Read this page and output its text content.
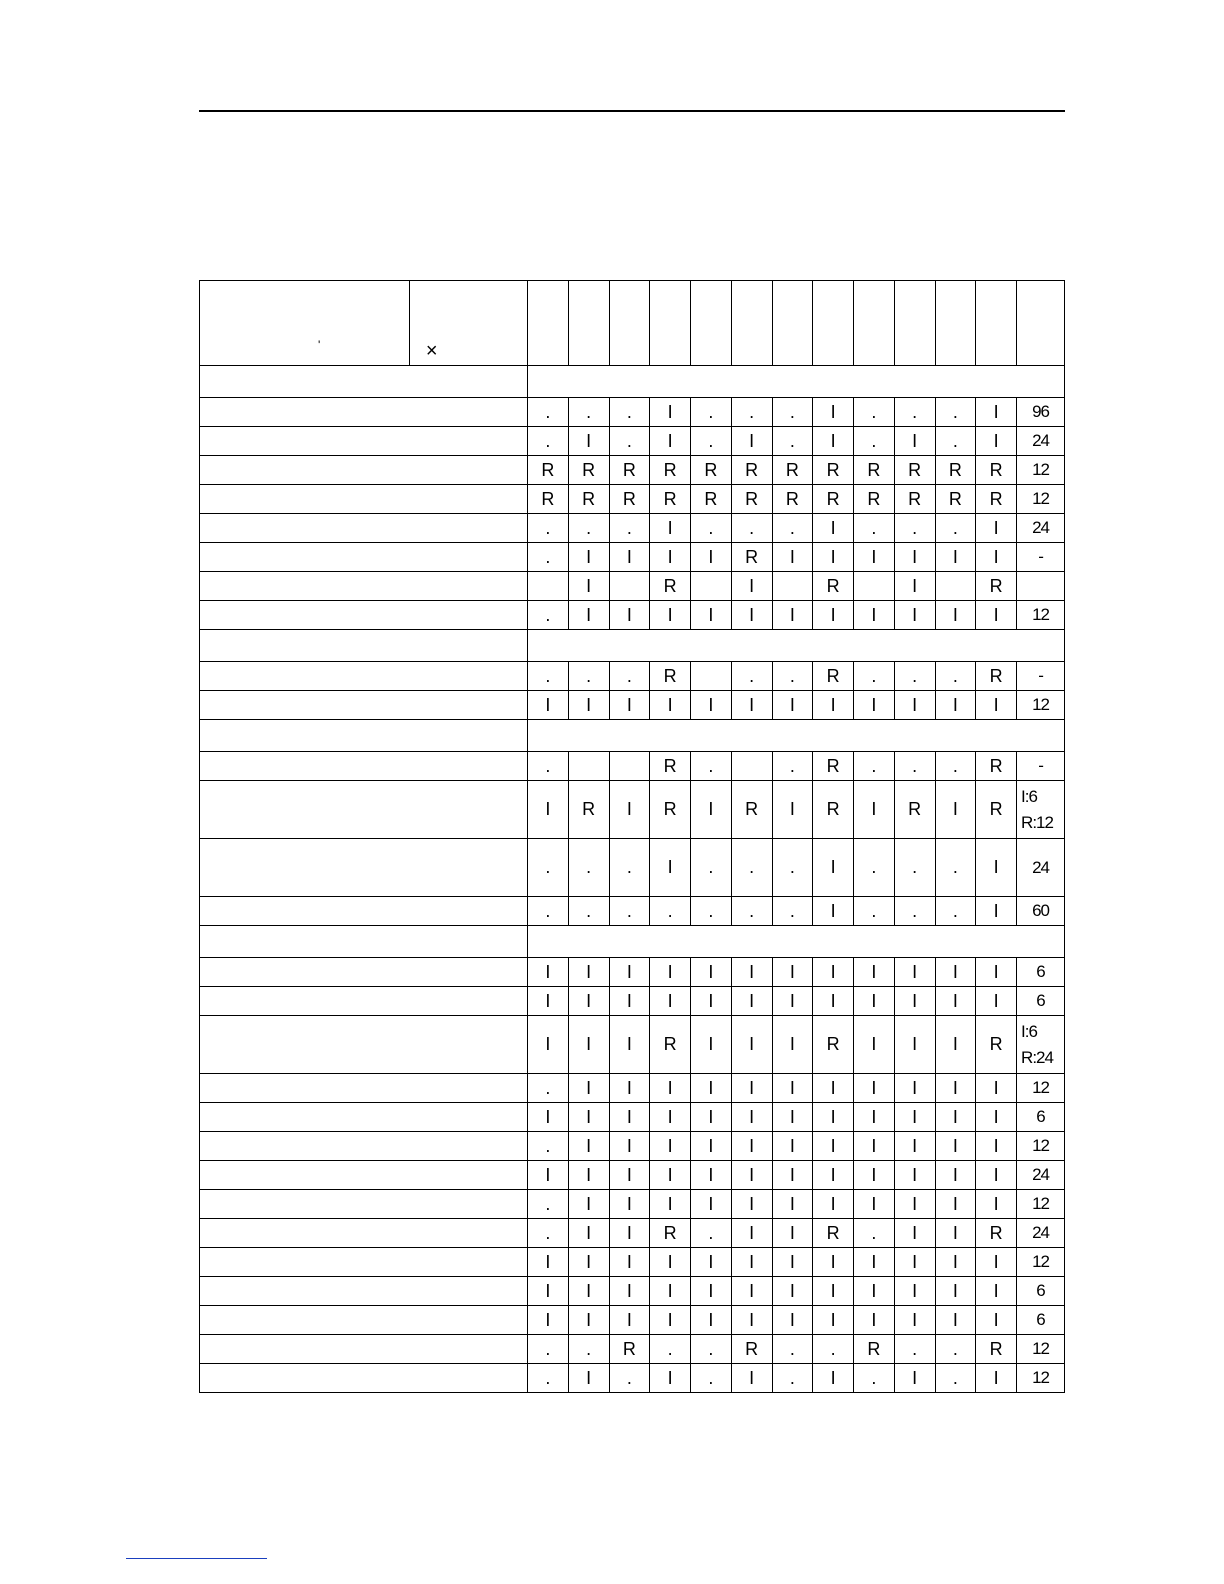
'	×													

		.	.	.	I	.	.	.	I	.	.	.	I	96
		.	I	.	I	.	I	.	I	.	I	.	I	24
		R	R	R	R	R	R	R	R	R	R	R	R	12
		R	R	R	R	R	R	R	R	R	R	R	R	12
		.	.	.	I	.	.	.	I	.	.	.	I	24
		.	I	I	I	I	R	I	I	I	I	I	I	-
			I		R		I		R		I		R	
		.	I	I	I	I	I	I	I	I	I	I	I	12

		.	.	.	R		.	.	R	.	.	.	R	-
		I	I	I	I	I	I	I	I	I	I	I	I	12

		.			R	.		.	R	.	.	.	R	-
		I	R	I	R	I	R	I	R	I	R	I	R	I:6
R:12

		.	.	.	I	.	.	.	I	.	.	.	I	24
		.	.	.	.	.	.	.	I	.	.	.	I	60

		I	I	I	I	I	I	I	I	I	I	I	I	6
		I	I	I	I	I	I	I	I	I	I	I	I	6
		I	I	I	R	I	I	I	R	I	I	I	R	I:6
R:24

		.	I	I	I	I	I	I	I	I	I	I	I	12
		I	I	I	I	I	I	I	I	I	I	I	I	6
		.	I	I	I	I	I	I	I	I	I	I	I	12
		I	I	I	I	I	I	I	I	I	I	I	I	24
		.	I	I	I	I	I	I	I	I	I	I	I	12
		.	I	I	R	.	I	I	R	.	I	I	R	24
		I	I	I	I	I	I	I	I	I	I	I	I	12
		I	I	I	I	I	I	I	I	I	I	I	I	6
		I	I	I	I	I	I	I	I	I	I	I	I	6
		.	.	R	.	.	R	.	.	R	.	.	R	12
		.	I	.	I	.	I	.	I	.	I	.	I	12
